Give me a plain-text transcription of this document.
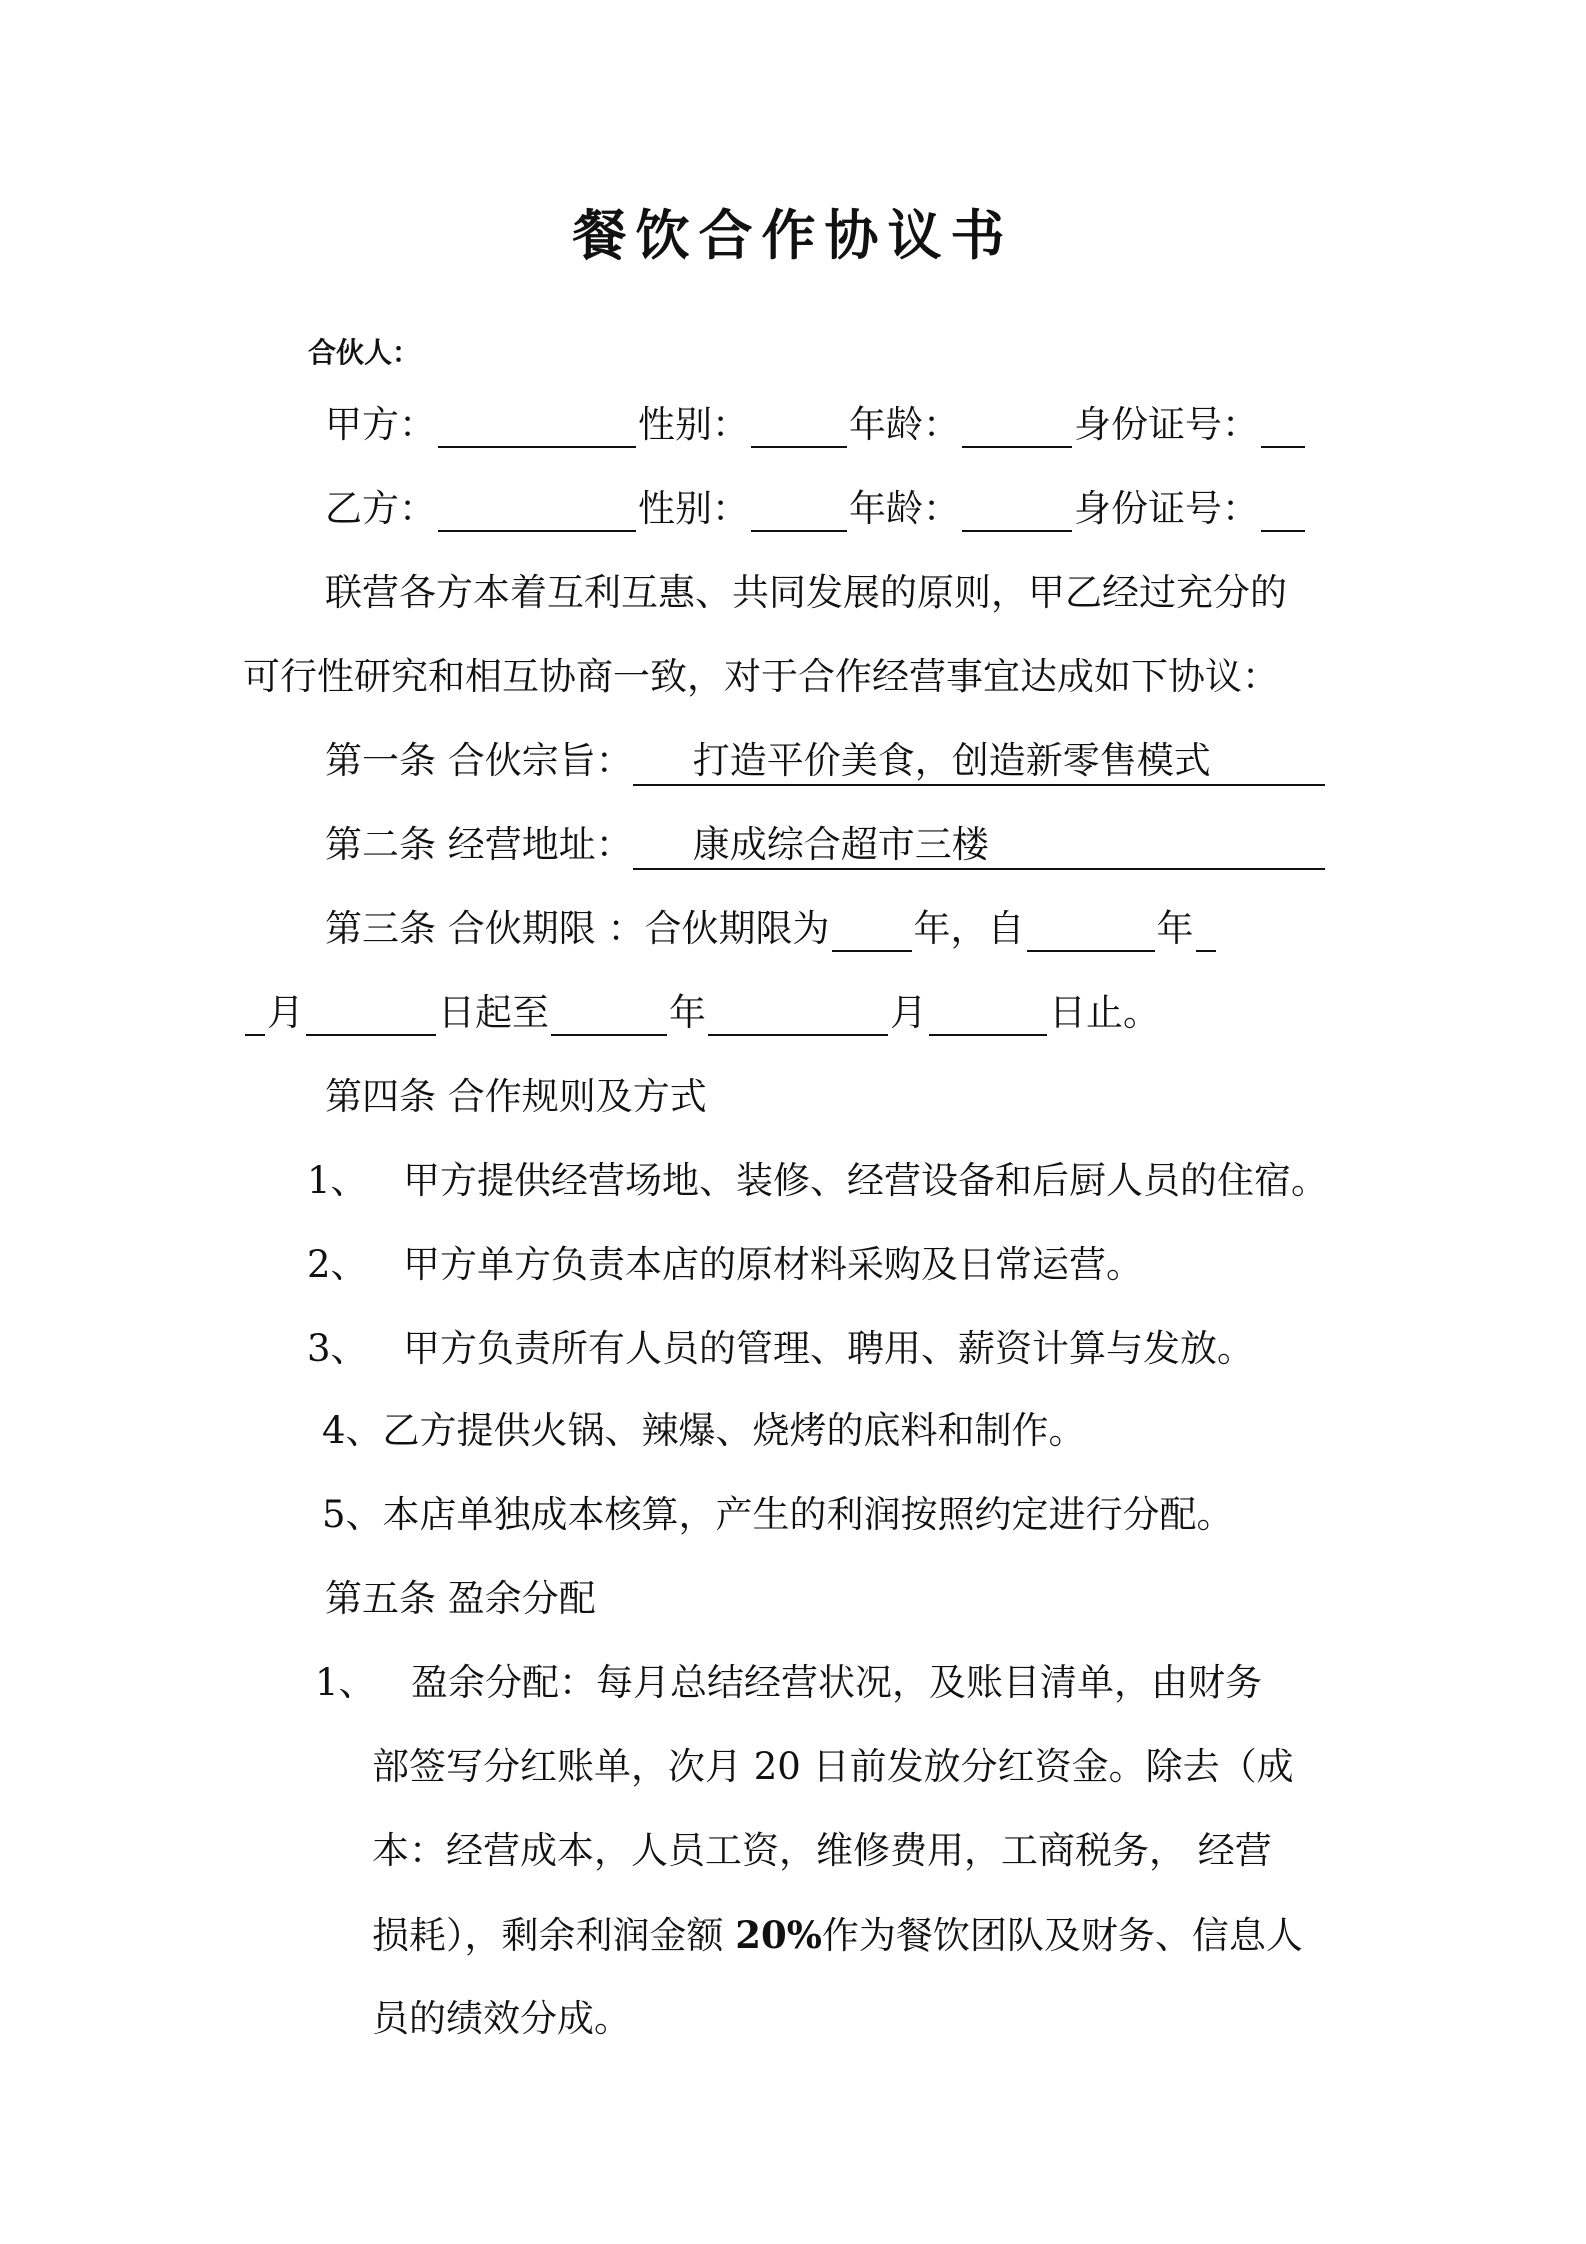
餐饮合作协议书
合伙人：
甲方：	性别：	年龄：	身份证号：
乙方：	性别：	年龄：	身份证号：
联营各方本着互利互惠、共同发展的原则，甲乙经过充分的
可行性研究和相互协商一致，对于合作经营事宜达成如下协议：
第一条 合伙宗旨： 打造平价美食，创造新零售模式
第二条 经营地址： 康成综合超市三楼
第三条 合伙期限 ：合伙期限为 年，自	年
月	日起至	年	月	日止。
第四条 合作规则及方式
1、 甲方提供经营场地、装修、经营设备和后厨人员的住宿。
2、 甲方单方负责本店的原材料采购及日常运营。
3、 甲方负责所有人员的管理、聘用、薪资计算与发放。
4、乙方提供火锅、辣爆、烧烤的底料和制作。
5、本店单独成本核算，产生的利润按照约定进行分配。
第五条 盈余分配
1、 盈余分配：每月总结经营状况，及账目清单，由财务
部签写分红账单，次月 20 日前发放分红资金。除去（成
本：经营成本，人员工资，维修费用，工商税务， 经营
损耗），剩余利润金额 20%作为餐饮团队及财务、信息人
员的绩效分成。
